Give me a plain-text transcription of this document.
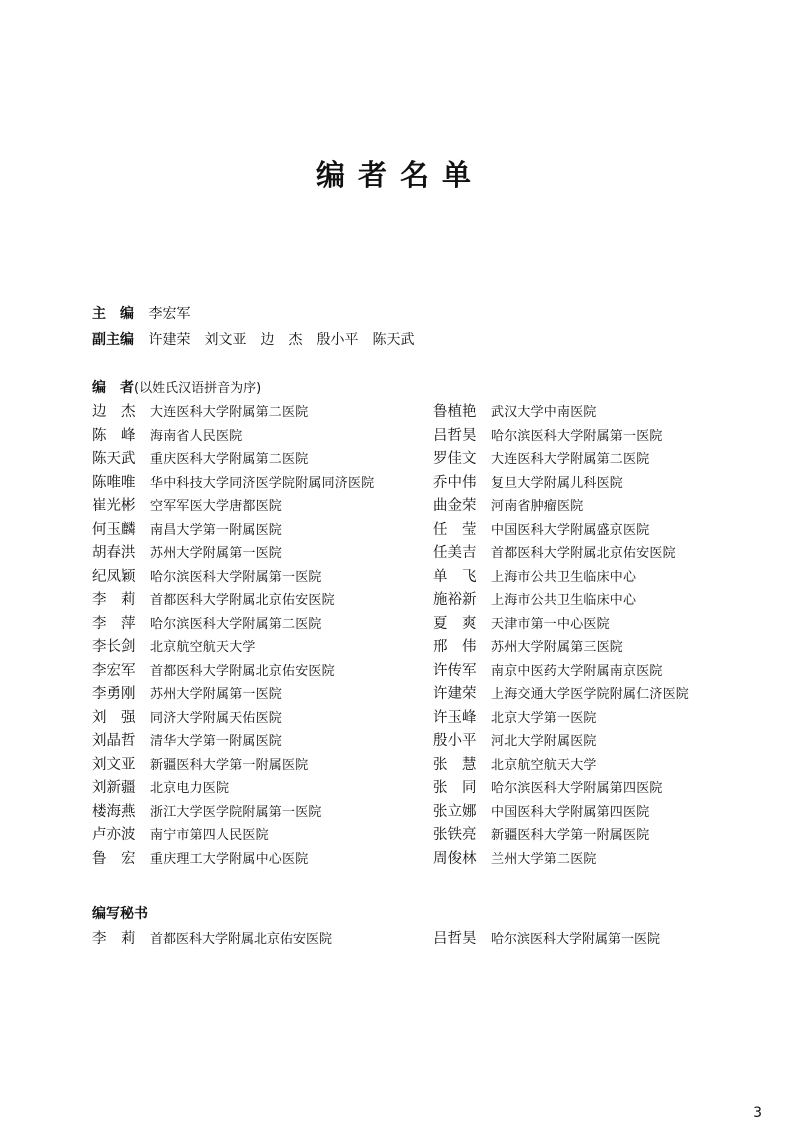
编者名单
主　编 李宏军
副主编 许建荣　刘文亚　边　杰　殷小平　陈天武
编　者(以姓氏汉语拼音为序)
边　杰 大连医科大学附属第二医院
陈　峰 海南省人民医院
陈天武 重庆医科大学附属第二医院
陈唯唯 华中科技大学同济医学院附属同济医院
崔光彬 空军军医大学唐都医院
何玉麟 南昌大学第一附属医院
胡春洪 苏州大学附属第一医院
纪凤颖 哈尔滨医科大学附属第一医院
李　莉 首都医科大学附属北京佑安医院
李　萍 哈尔滨医科大学附属第二医院
李长剑 北京航空航天大学
李宏军 首都医科大学附属北京佑安医院
李勇刚 苏州大学附属第一医院
刘　强 同济大学附属天佑医院
刘晶哲 清华大学第一附属医院
刘文亚 新疆医科大学第一附属医院
刘新疆 北京电力医院
楼海燕 浙江大学医学院附属第一医院
卢亦波 南宁市第四人民医院
鲁　宏 重庆理工大学附属中心医院
鲁植艳 武汉大学中南医院
吕哲昊 哈尔滨医科大学附属第一医院
罗佳文 大连医科大学附属第二医院
乔中伟 复旦大学附属儿科医院
曲金荣 河南省肿瘤医院
任　莹 中国医科大学附属盛京医院
任美吉 首都医科大学附属北京佑安医院
单　飞 上海市公共卫生临床中心
施裕新 上海市公共卫生临床中心
夏　爽 天津市第一中心医院
邢　伟 苏州大学附属第三医院
许传军 南京中医药大学附属南京医院
许建荣 上海交通大学医学院附属仁济医院
许玉峰 北京大学第一医院
殷小平 河北大学附属医院
张　慧 北京航空航天大学
张　同 哈尔滨医科大学附属第四医院
张立娜 中国医科大学附属第四医院
张铁亮 新疆医科大学第一附属医院
周俊林 兰州大学第二医院
编写秘书
李　莉 首都医科大学附属北京佑安医院	吕哲昊 哈尔滨医科大学附属第一医院
3
